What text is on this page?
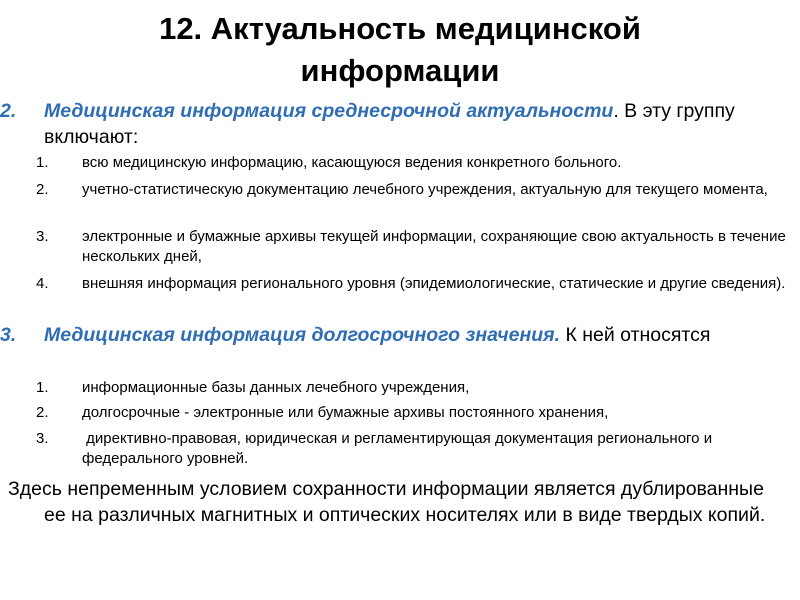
12. Актуальность медицинской
информации
2. Медицинская информация среднесрочной актуальности. В эту группу включают:
1. всю медицинскую информацию, касающуюся ведения конкретного больного.
2. учетно-статистическую документацию лечебного учреждения, актуальную для текущего момента,
3. электронные и бумажные архивы текущей информации, сохраняющие свою актуальность в течение нескольких дней,
4. внешняя информация регионального уровня (эпидемиологические, статические и другие сведения).
3. Медицинская информация долгосрочного значения. К ней относятся
1. информационные базы данных лечебного учреждения,
2. долгосрочные - электронные или бумажные архивы постоянного хранения,
3. директивно-правовая, юридическая и регламентирующая документация регионального и федерального уровней.
Здесь непременным условием сохранности информации является дублированные ее на различных магнитных и оптических носителях или в виде твердых копий.
